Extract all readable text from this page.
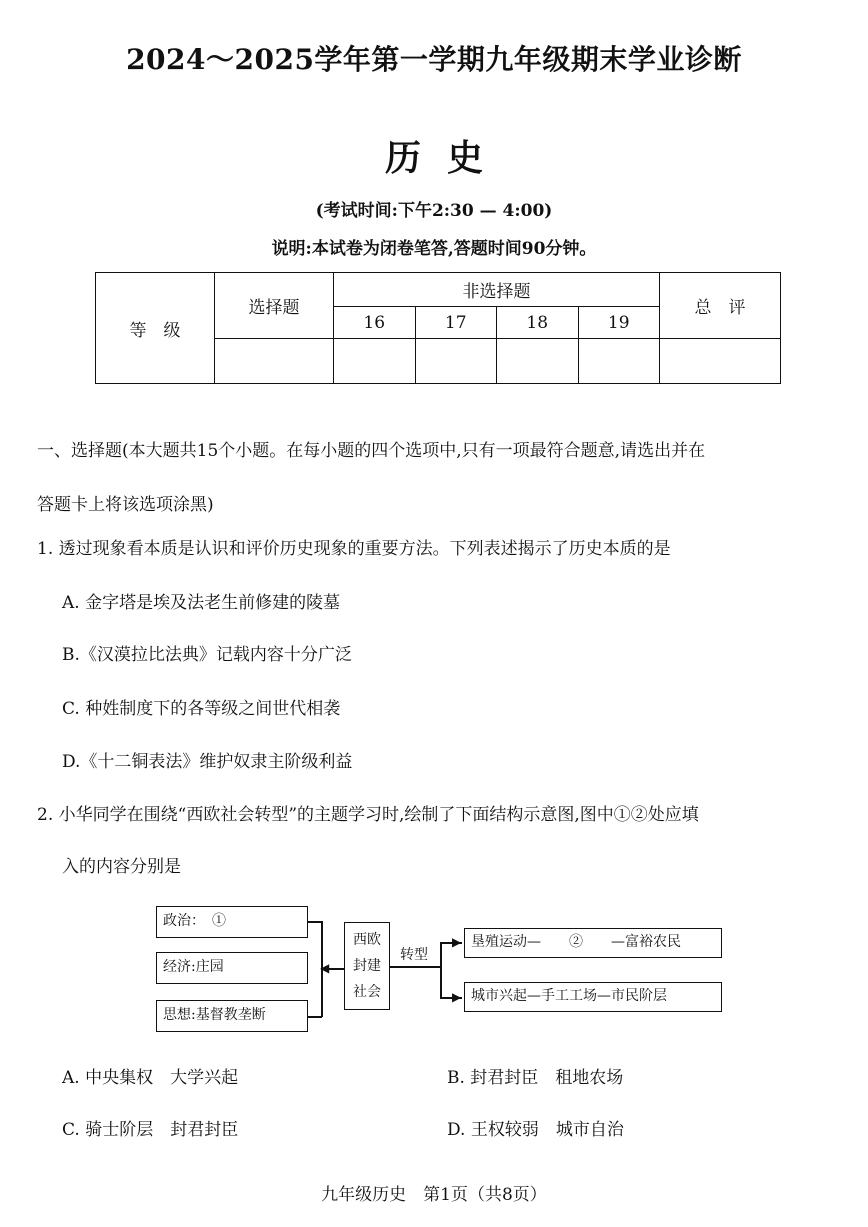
2024～2025学年第一学期九年级期末学业诊断
历史
(考试时间:下午2:30 — 4:00)
说明:本试卷为闭卷笔答,答题时间90分钟。
等　级	选择题	非选择题				总　评
		16	17	18	19	

一、选择题(本大题共15个小题。在每小题的四个选项中,只有一项最符合题意,请选出并在
答题卡上将该选项涂黑)
1. 透过现象看本质是认识和评价历史现象的重要方法。下列表述揭示了历史本质的是
A. 金字塔是埃及法老生前修建的陵墓
B.《汉漠拉比法典》记载内容十分广泛
C. 种姓制度下的各等级之间世代相袭
D.《十二铜表法》维护奴隶主阶级利益
2. 小华同学在围绕“西欧社会转型”的主题学习时,绘制了下面结构示意图,图中①②处应填
入的内容分别是
政治：　①
经济:庄园
思想:基督教垄断
◀
西欧
封建
社会
转型
▶
▶
垦殖运动—　　②　　—富裕农民
城市兴起—手工工场—市民阶层
A. 中央集权　大学兴起	B. 封君封臣　租地农场
C. 骑士阶层　封君封臣	D. 王权较弱　城市自治
九年级历史　第1页（共8页）
